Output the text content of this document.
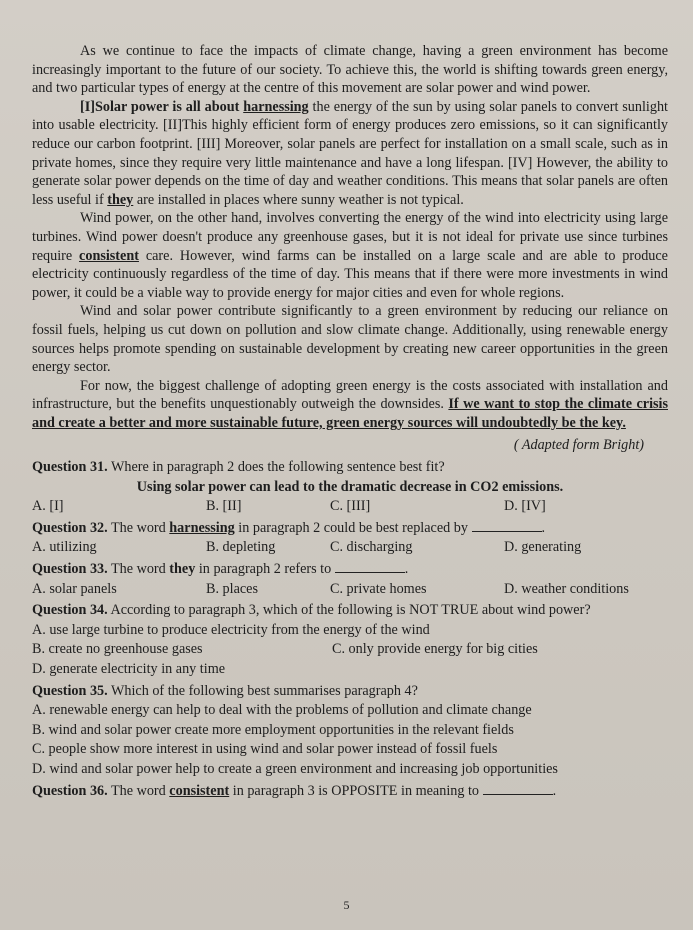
As we continue to face the impacts of climate change, having a green environment has become increasingly important to the future of our society. To achieve this, the world is shifting towards green energy, and two particular types of energy at the centre of this movement are solar power and wind power.

[I]Solar power is all about harnessing the energy of the sun by using solar panels to convert sunlight into usable electricity. [II]This highly efficient form of energy produces zero emissions, so it can significantly reduce our carbon footprint. [III] Moreover, solar panels are perfect for installation on a small scale, such as in private homes, since they require very little maintenance and have a long lifespan. [IV] However, the ability to generate solar power depends on the time of day and weather conditions. This means that solar panels are often less useful if they are installed in places where sunny weather is not typical.

Wind power, on the other hand, involves converting the energy of the wind into electricity using large turbines. Wind power doesn't produce any greenhouse gases, but it is not ideal for private use since turbines require consistent care. However, wind farms can be installed on a large scale and are able to produce electricity continuously regardless of the time of day. This means that if there were more investments in wind power, it could be a viable way to provide energy for major cities and even for whole regions.

Wind and solar power contribute significantly to a green environment by reducing our reliance on fossil fuels, helping us cut down on pollution and slow climate change. Additionally, using renewable energy sources helps promote spending on sustainable development by creating new career opportunities in the green energy sector.

For now, the biggest challenge of adopting green energy is the costs associated with installation and infrastructure, but the benefits unquestionably outweigh the downsides. If we want to stop the climate crisis and create a better and more sustainable future, green energy sources will undoubtedly be the key.

( Adapted form Bright)
Question 31. Where in paragraph 2 does the following sentence best fit?
Using solar power can lead to the dramatic decrease in CO2 emissions.
A. [I]	B. [II]	C. [III]	D. [IV]
Question 32. The word harnessing in paragraph 2 could be best replaced by	.
A. utilizing	B. depleting	C. discharging	D. generating
Question 33. The word they in paragraph 2 refers to	.
A. solar panels	B. places	C. private homes	D. weather conditions
Question 34. According to paragraph 3, which of the following is NOT TRUE about wind power?
A. use large turbine to produce electricity from the energy of the wind
B. create no greenhouse gases	C. only provide energy for big cities
D. generate electricity in any time
Question 35. Which of the following best summarises paragraph 4?
A. renewable energy can help to deal with the problems of pollution and climate change
B. wind and solar power create more employment opportunities in the relevant fields
C. people show more interest in using wind and solar power instead of fossil fuels
D. wind and solar power help to create a green environment and increasing job opportunities
Question 36. The word consistent in paragraph 3 is OPPOSITE in meaning to	.
5
